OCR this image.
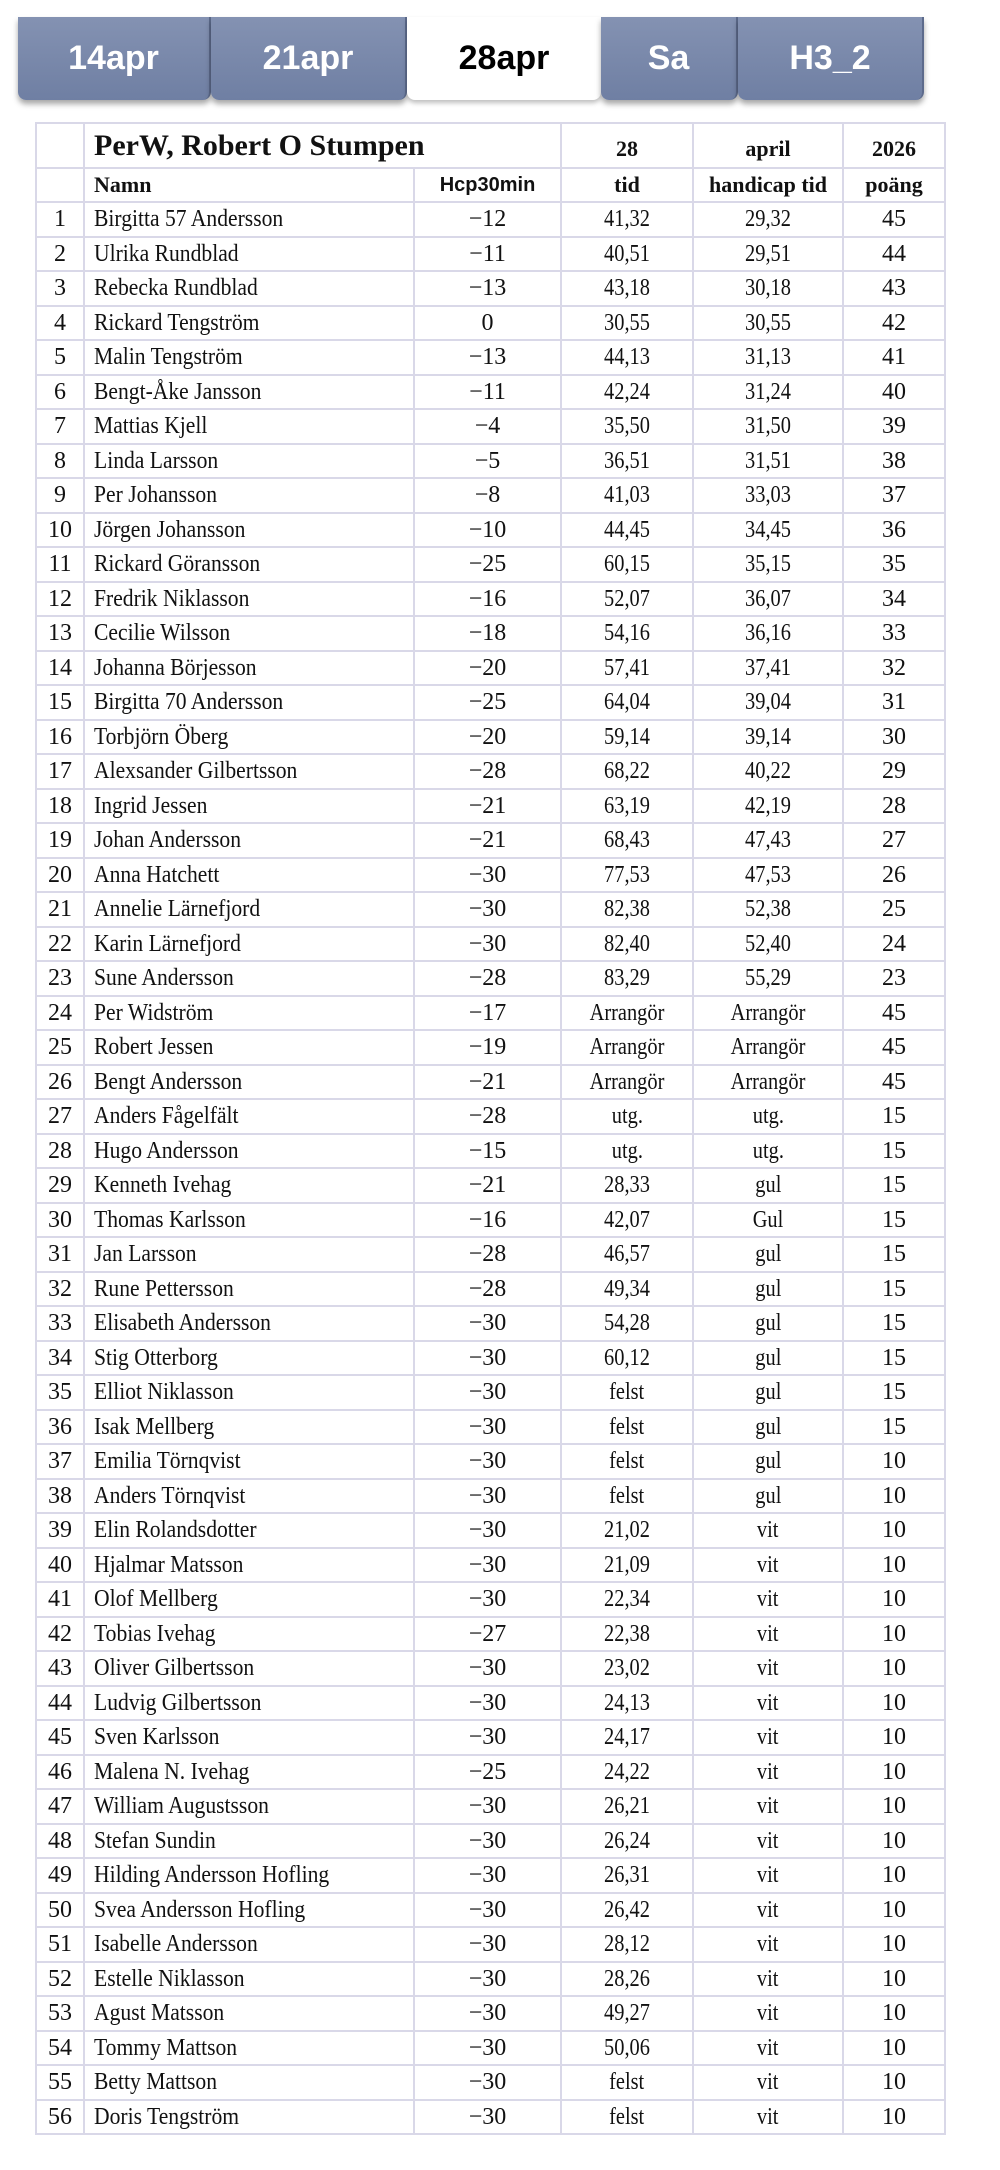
14apr	21apr	28apr	Sa	H3_2
	PerW, Robert O Stumpen		28	april	2026
	Namn	Hcp30min	tid	handicap tid	poäng
1	Birgitta 57 Andersson	−12	41,32	29,32	45
2	Ulrika Rundblad	−11	40,51	29,51	44
3	Rebecka Rundblad	−13	43,18	30,18	43
4	Rickard Tengström	0	30,55	30,55	42
5	Malin Tengström	−13	44,13	31,13	41
6	Bengt-Åke Jansson	−11	42,24	31,24	40
7	Mattias Kjell	−4	35,50	31,50	39
8	Linda Larsson	−5	36,51	31,51	38
9	Per Johansson	−8	41,03	33,03	37
10	Jörgen Johansson	−10	44,45	34,45	36
11	Rickard Göransson	−25	60,15	35,15	35
12	Fredrik Niklasson	−16	52,07	36,07	34
13	Cecilie Wilsson	−18	54,16	36,16	33
14	Johanna Börjesson	−20	57,41	37,41	32
15	Birgitta 70 Andersson	−25	64,04	39,04	31
16	Torbjörn Öberg	−20	59,14	39,14	30
17	Alexsander Gilbertsson	−28	68,22	40,22	29
18	Ingrid Jessen	−21	63,19	42,19	28
19	Johan Andersson	−21	68,43	47,43	27
20	Anna Hatchett	−30	77,53	47,53	26
21	Annelie Lärnefjord	−30	82,38	52,38	25
22	Karin Lärnefjord	−30	82,40	52,40	24
23	Sune Andersson	−28	83,29	55,29	23
24	Per Widström	−17	Arrangör	Arrangör	45
25	Robert Jessen	−19	Arrangör	Arrangör	45
26	Bengt Andersson	−21	Arrangör	Arrangör	45
27	Anders Fågelfält	−28	utg.	utg.	15
28	Hugo Andersson	−15	utg.	utg.	15
29	Kenneth Ivehag	−21	28,33	gul	15
30	Thomas Karlsson	−16	42,07	Gul	15
31	Jan Larsson	−28	46,57	gul	15
32	Rune Pettersson	−28	49,34	gul	15
33	Elisabeth Andersson	−30	54,28	gul	15
34	Stig Otterborg	−30	60,12	gul	15
35	Elliot Niklasson	−30	felst	gul	15
36	Isak Mellberg	−30	felst	gul	15
37	Emilia Törnqvist	−30	felst	gul	10
38	Anders Törnqvist	−30	felst	gul	10
39	Elin Rolandsdotter	−30	21,02	vit	10
40	Hjalmar Matsson	−30	21,09	vit	10
41	Olof Mellberg	−30	22,34	vit	10
42	Tobias Ivehag	−27	22,38	vit	10
43	Oliver Gilbertsson	−30	23,02	vit	10
44	Ludvig Gilbertsson	−30	24,13	vit	10
45	Sven Karlsson	−30	24,17	vit	10
46	Malena N. Ivehag	−25	24,22	vit	10
47	William Augustsson	−30	26,21	vit	10
48	Stefan Sundin	−30	26,24	vit	10
49	Hilding Andersson Hofling	−30	26,31	vit	10
50	Svea Andersson Hofling	−30	26,42	vit	10
51	Isabelle Andersson	−30	28,12	vit	10
52	Estelle Niklasson	−30	28,26	vit	10
53	Agust Matsson	−30	49,27	vit	10
54	Tommy Mattson	−30	50,06	vit	10
55	Betty Mattson	−30	felst	vit	10
56	Doris Tengström	−30	felst	vit	10
